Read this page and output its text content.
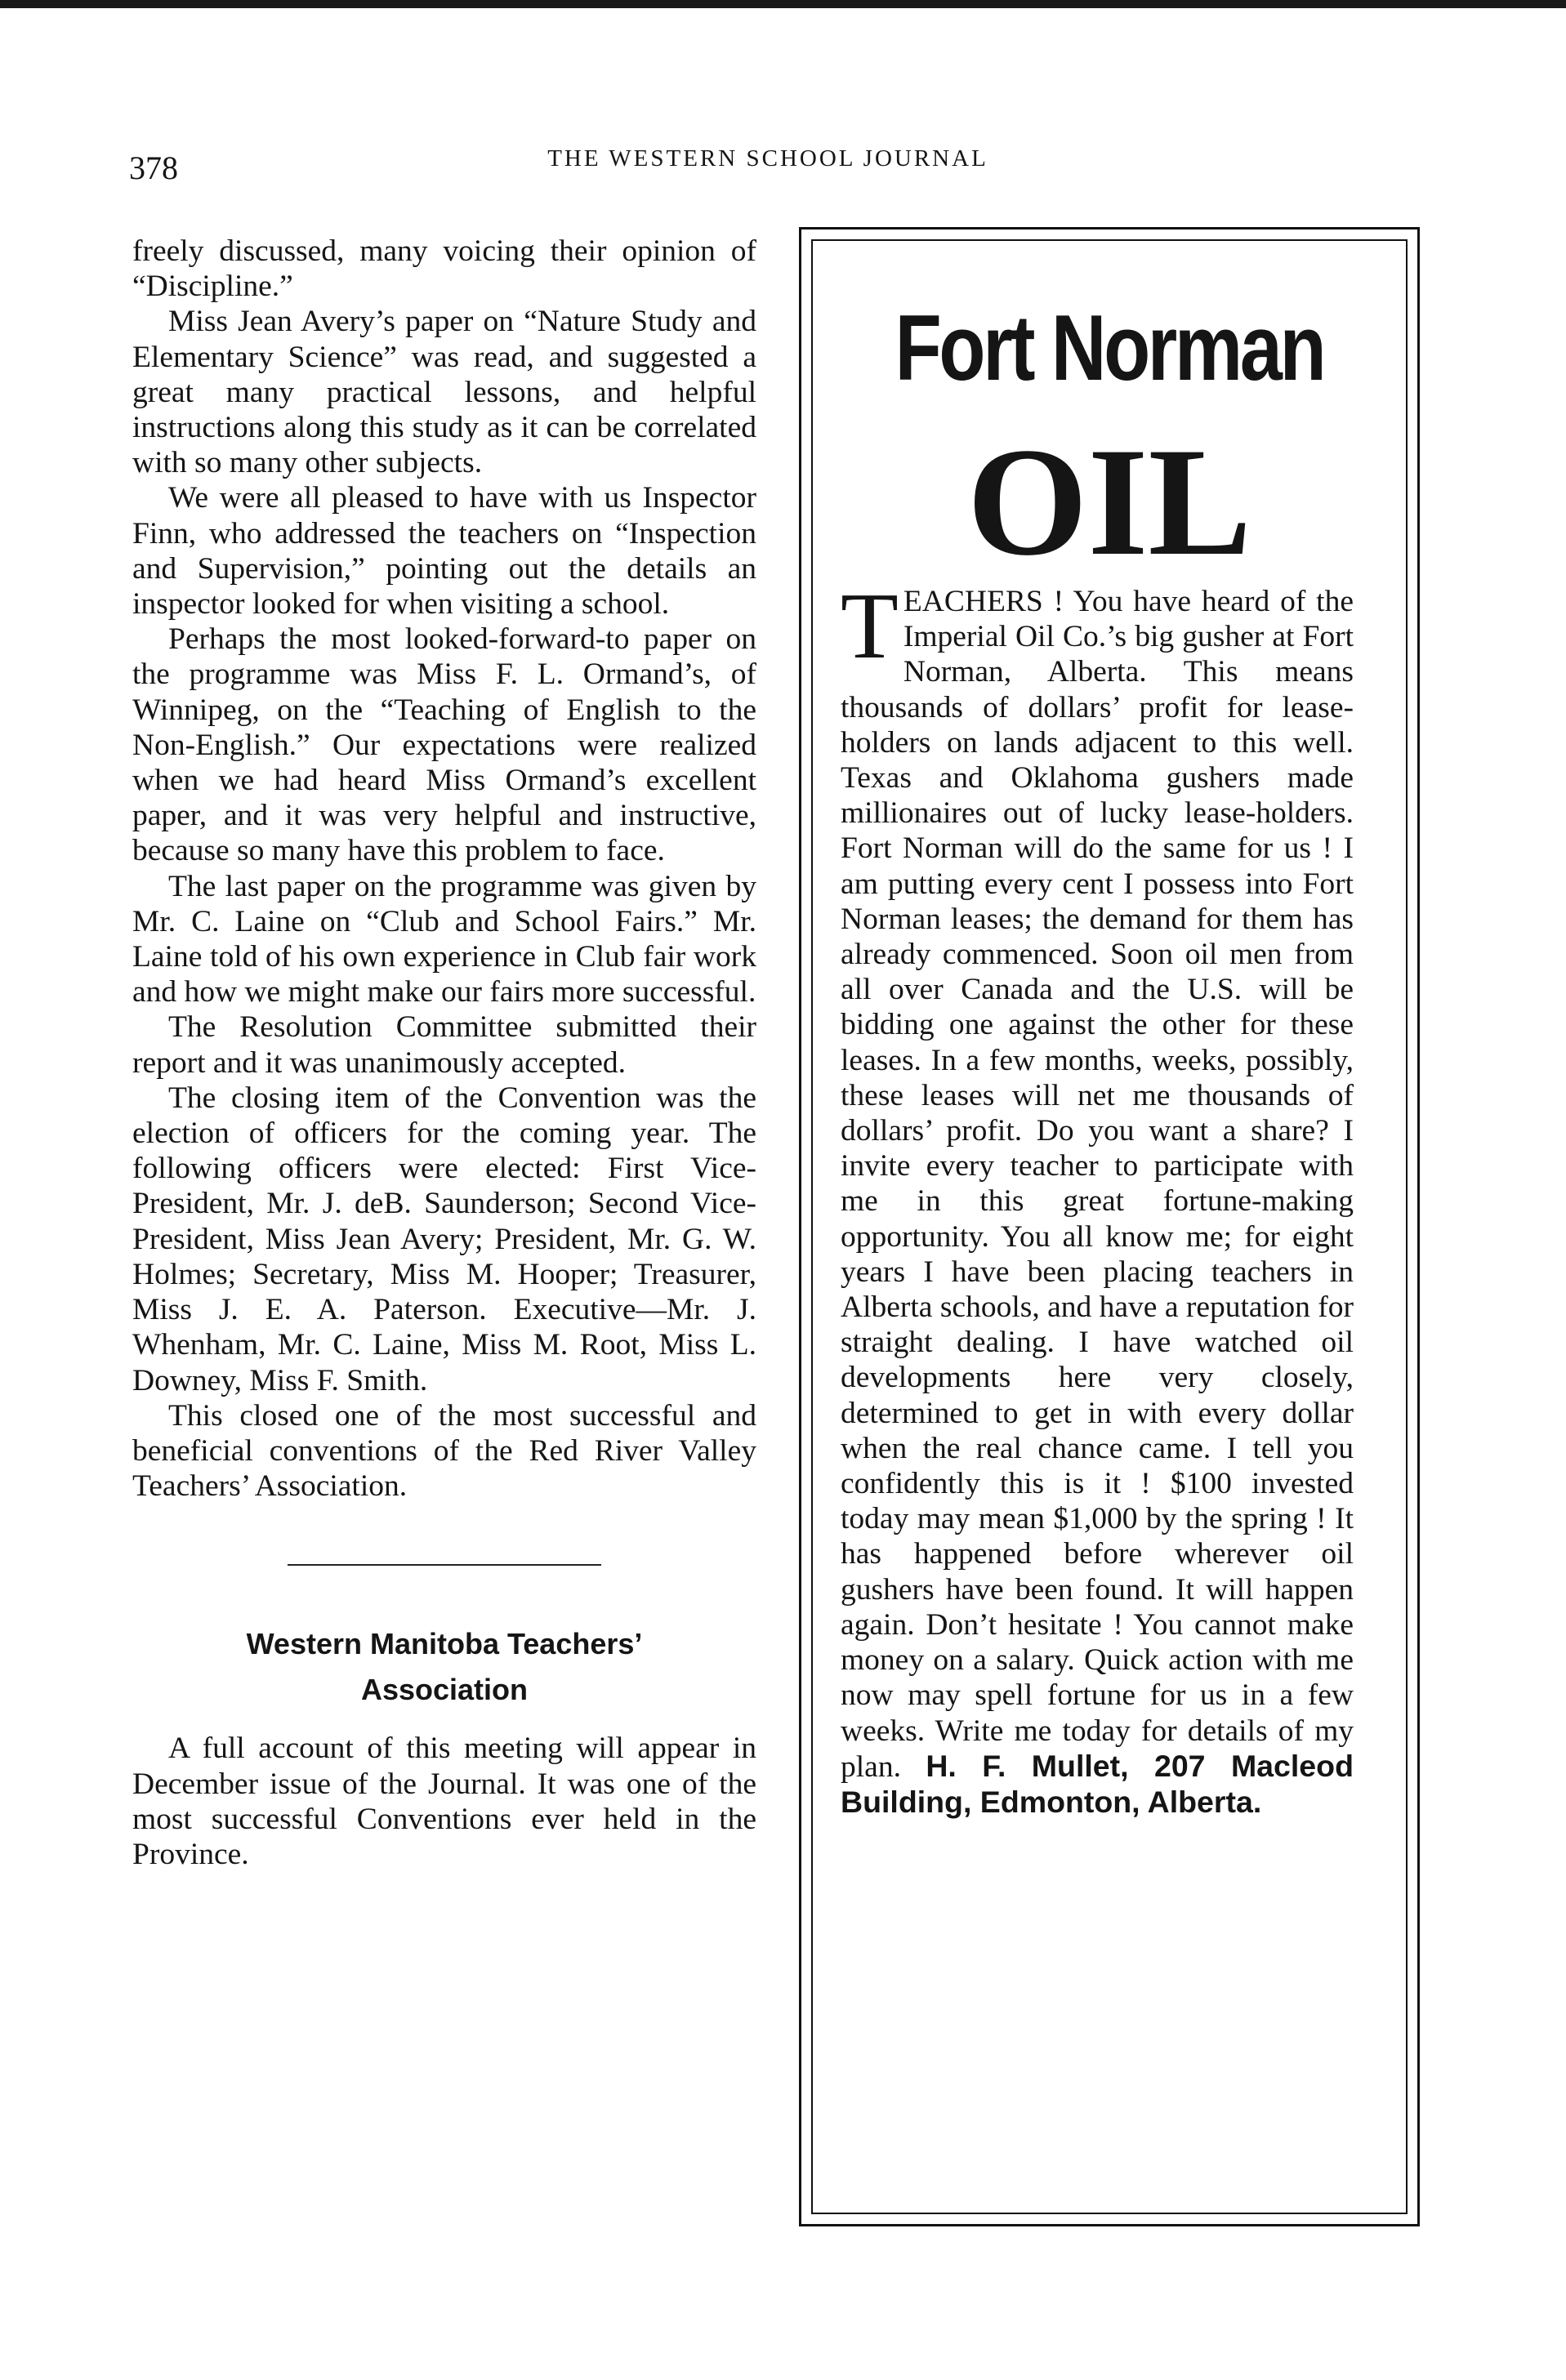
378	THE WESTERN SCHOOL JOURNAL

freely discussed, many voicing their opinion of “Discipline.”

Miss Jean Avery’s paper on “Nature Study and Elementary Science” was read, and suggested a great many practical lessons, and helpful instructions along this study as it can be correlated with so many other subjects.

We were all pleased to have with us Inspector Finn, who addressed the teachers on “Inspection and Supervision,” pointing out the details an inspector looked for when visiting a school.

Perhaps the most looked-forward-to paper on the programme was Miss F. L. Ormand’s, of Winnipeg, on the “Teaching of English to the Non-English.” Our expectations were realized when we had heard Miss Ormand’s excellent paper, and it was very helpful and instructive, because so many have this problem to face.

The last paper on the programme was given by Mr. C. Laine on “Club and School Fairs.” Mr. Laine told of his own experience in Club fair work and how we might make our fairs more successful.

The Resolution Committee submitted their report and it was unanimously accepted.

The closing item of the Convention was the election of officers for the coming year. The following officers were elected: First Vice-President, Mr. J. deB. Saunderson; Second Vice-President, Miss Jean Avery; President, Mr. G. W. Holmes; Secretary, Miss M. Hooper; Treasurer, Miss J. E. A. Paterson. Executive—Mr. J. Whenham, Mr. C. Laine, Miss M. Root, Miss L. Downey, Miss F. Smith.

This closed one of the most successful and beneficial conventions of the Red River Valley Teachers’ Association.

Western Manitoba Teachers’
Association

A full account of this meeting will appear in December issue of the Journal. It was one of the most successful Conventions ever held in the Province.

Fort Norman
OIL
TEACHERS ! You have heard of the Imperial Oil Co.’s big gusher at Fort Norman, Alberta. This means thousands of dollars’ profit for lease-holders on lands adjacent to this well. Texas and Oklahoma gushers made millionaires out of lucky lease-holders. Fort Norman will do the same for us ! I am putting every cent I possess into Fort Norman leases; the demand for them has already commenced. Soon oil men from all over Canada and the U.S. will be bidding one against the other for these leases. In a few months, weeks, possibly, these leases will net me thousands of dollars’ profit. Do you want a share? I invite every teacher to participate with me in this great fortune-making opportunity. You all know me; for eight years I have been placing teachers in Alberta schools, and have a reputation for straight dealing. I have watched oil developments here very closely, determined to get in with every dollar when the real chance came. I tell you confidently this is it ! $100 invested today may mean $1,000 by the spring ! It has happened before wherever oil gushers have been found. It will happen again. Don’t hesitate ! You cannot make money on a salary. Quick action with me now may spell fortune for us in a few weeks. Write me today for details of my plan. H. F. Mullet, 207 Macleod Building, Edmonton, Alberta.
